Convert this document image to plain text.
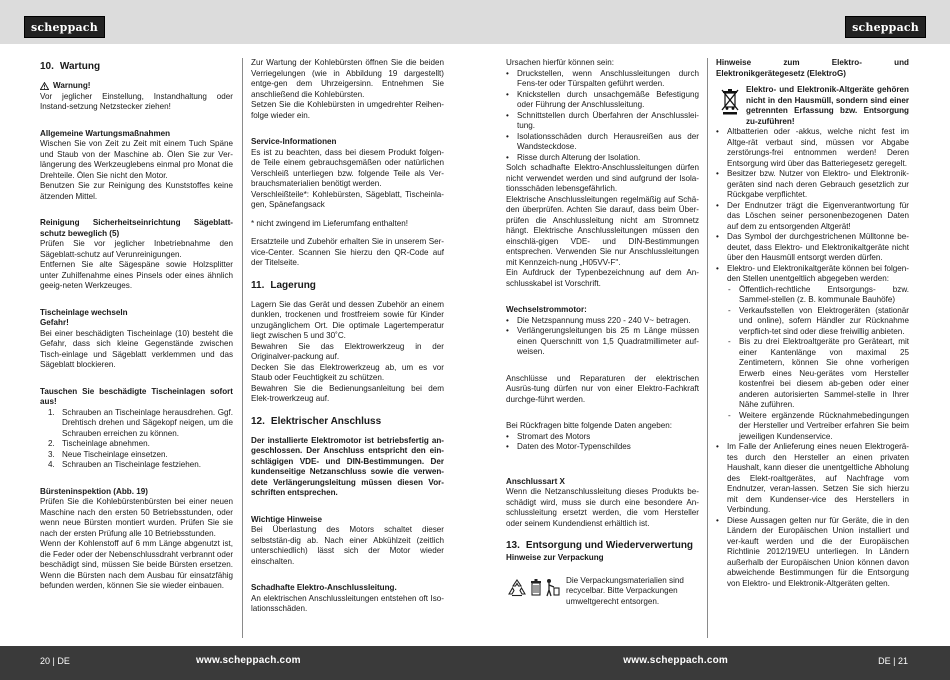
scheppach	scheppach
10. Wartung
Warnung!
Vor jeglicher Einstellung, Instandhaltung oder Instand-setzung Netzstecker ziehen!
Allgemeine Wartungsmaßnahmen
Wischen Sie von Zeit zu Zeit mit einem Tuch Späne und Staub von der Maschine ab. Ölen Sie zur Ver-längerung des Werkzeuglebens einmal pro Monat die Drehteile. Ölen Sie nicht den Motor.
Benutzen Sie zur Reinigung des Kunststoffes keine ätzenden Mittel.
Reinigung Sicherheitseinrichtung Sägeblatt-schutz beweglich (5)
Prüfen Sie vor jeglicher Inbetriebnahme den Sägeblatt-schutz auf Verunreinigungen.
Entfernen Sie alte Sägespäne sowie Holzsplitter unter Zuhilfenahme eines Pinsels oder eines ähnlich geeig-neten Werkzeuges.
Tischeinlage wechseln
Gefahr!
Bei einer beschädigten Tischeinlage (10) besteht die Gefahr, dass sich kleine Gegenstände zwischen Tisch-einlage und Sägeblatt verklemmen und das Sägeblatt blockieren.
Tauschen Sie beschädigte Tischeinlagen sofort aus!
1. Schrauben an Tischeinlage herausdrehen. Ggf. Drehtisch drehen und Sägekopf neigen, um die Schrauben erreichen zu können.
2. Tischeinlage abnehmen.
3. Neue Tischeinlage einsetzen.
4. Schrauben an Tischeinlage festziehen.
Bürsteninspektion (Abb. 19)
Prüfen Sie die Kohlebürstenbürsten bei einer neuen Maschine nach den ersten 50 Betriebsstunden, oder wenn neue Bürsten montiert wurden. Prüfen Sie sie nach der ersten Prüfung alle 10 Betriebsstunden.
Wenn der Kohlenstoff auf 6 mm Länge abgenutzt ist, die Feder oder der Nebenschlussdraht verbrannt oder beschädigt sind, müssen Sie beide Bürsten ersetzen. Wenn die Bürsten nach dem Ausbau für einsatzfähig befunden werden, können Sie sie wieder einbauen.
Zur Wartung der Kohlebürsten öffnen Sie die beiden Verriegelungen (wie in Abbildung 19 dargestellt) entge-gen dem Uhrzeigersinn. Entnehmen Sie anschließend die Kohlebürsten.
Setzen Sie die Kohlebürsten in umgedrehter Reihen-folge wieder ein.
Service-Informationen
Es ist zu beachten, dass bei diesem Produkt folgen-de Teile einem gebrauchsgemäßen oder natürlichen Verschleiß unterliegen bzw. folgende Teile als Ver-brauchsmaterialien benötigt werden.
Verschleißteile*: Kohlebürsten, Sägeblatt, Tischeinla-gen, Spänefangsack
* nicht zwingend im Lieferumfang enthalten!
Ersatzteile und Zubehör erhalten Sie in unserem Ser-vice-Center. Scannen Sie hierzu den QR-Code auf der Titelseite.
11. Lagerung
Lagern Sie das Gerät und dessen Zubehör an einem dunklen, trockenen und frostfreiem sowie für Kinder unzugänglichem Ort. Die optimale Lagertemperatur liegt zwischen 5 und 30˚C.
Bewahren Sie das Elektrowerkzeug in der Originalver-packung auf.
Decken Sie das Elektrowerkzeug ab, um es vor Staub oder Feuchtigkeit zu schützen.
Bewahren Sie die Bedienungsanleitung bei dem Elek-trowerkzeug auf.
12. Elektrischer Anschluss
Der installierte Elektromotor ist betriebsfertig an-geschlossen. Der Anschluss entspricht den ein-schlägigen VDE- und DIN-Bestimmungen. Der kundenseitige Netzanschluss sowie die verwen-dete Verlängerungsleitung müssen diesen Vor-schriften entsprechen.
Wichtige Hinweise
Bei Überlastung des Motors schaltet dieser selbststän-dig ab. Nach einer Abkühlzeit (zeitlich unterschiedlich) lässt sich der Motor wieder einschalten.
Schadhafte Elektro-Anschlussleitung.
An elektrischen Anschlussleitungen entstehen oft Iso-lationsschäden.
Ursachen hierfür können sein:
• Druckstellen, wenn Anschlussleitungen durch Fens-ter oder Türspalten geführt werden.
• Knickstellen durch unsachgemäße Befestigung oder Führung der Anschlussleitung.
• Schnittstellen durch Überfahren der Anschlusslei-tung.
• Isolationsschäden durch Herausreißen aus der Wandsteckdose.
• Risse durch Alterung der Isolation.
Solch schadhafte Elektro-Anschlussleitungen dürfen nicht verwendet werden und sind aufgrund der Isola-tionsschäden lebensgefährlich.
Elektrische Anschlussleitungen regelmäßig auf Schä-den überprüfen. Achten Sie darauf, dass beim Über-prüfen die Anschlussleitung nicht am Stromnetz hängt. Elektrische Anschlussleitungen müssen den einschlä-gigen VDE- und DIN-Bestimmungen entsprechen. Verwenden Sie nur Anschlussleitungen mit Kennzeich-nung „H05VV-F".
Ein Aufdruck der Typenbezeichnung auf dem An-schlusskabel ist Vorschrift.
Wechselstrommotor:
• Die Netzspannung muss 220 - 240 V~ betragen.
• Verlängerungsleitungen bis 25 m Länge müssen einen Querschnitt von 1,5 Quadratmillimeter auf-weisen.
Anschlüsse und Reparaturen der elektrischen Ausrüs-tung dürfen nur von einer Elektro-Fachkraft durchge-führt werden.
Bei Rückfragen bitte folgende Daten angeben:
• Stromart des Motors
• Daten des Motor-Typenschildes
Anschlussart X
Wenn die Netzanschlussleitung dieses Produkts be-schädigt wird, muss sie durch eine besondere An-schlussleitung ersetzt werden, die vom Hersteller oder seinem Kundendienst erhältlich ist.
13. Entsorgung und Wiederverwertung
Hinweise zur Verpackung
Die Verpackungsmaterialien sind recycelbar. Bitte Verpackungen umweltgerecht entsorgen.
Hinweise zum Elektro- und Elektronikgerätegesetz (ElektroG)
Elektro- und Elektronik-Altgeräte gehören nicht in den Hausmüll, sondern sind einer getrennten Erfassung bzw. Entsorgung zu-zuführen!
• Altbatterien oder -akkus, welche nicht fest im Altge-rät verbaut sind, müssen vor Abgabe zerstörungs-frei entnommen werden! Deren Entsorgung wird über das Batteriegesetz geregelt.
• Besitzer bzw. Nutzer von Elektro- und Elektronik-geräten sind nach deren Gebrauch gesetzlich zur Rückgabe verpflichtet.
• Der Endnutzer trägt die Eigenverantwortung für das Löschen seiner personenbezogenen Daten auf dem zu entsorgenden Altgerät!
• Das Symbol der durchgestrichenen Mülltonne be-deutet, dass Elektro- und Elektronikaltgeräte nicht über den Hausmüll entsorgt werden dürfen.
• Elektro- und Elektronikaltgeräte können bei folgen-den Stellen unentgeltlich abgegeben werden:
- Öffentlich-rechtliche Entsorgungs- bzw. Sammel-stellen (z. B. kommunale Bauhöfe)
- Verkaufsstellen von Elektrogeräten (stationär und online), sofern Händler zur Rücknahme verpflich-tet sind oder diese freiwillig anbieten.
- Bis zu drei Elektroaltgeräte pro Geräteart, mit einer Kantenlänge von maximal 25 Zentimetern, können Sie ohne vorherigen Erwerb eines Neu-gerätes vom Hersteller kostenfrei bei diesem ab-geben oder einer anderen autorisierten Sammel-stelle in Ihrer Nähe zuführen.
- Weitere ergänzende Rücknahmebedingungen der Hersteller und Vertreiber erfahren Sie beim jeweiligen Kundenservice.
• Im Falle der Anlieferung eines neuen Elektrogerä-tes durch den Hersteller an einen privaten Haushalt, kann dieser die unentgeltliche Abholung des Elekt-roaltgerätes, auf Nachfrage vom Endnutzer, veran-lassen. Setzen Sie sich hierzu mit dem Kundenser-vice des Herstellers in Verbindung.
• Diese Aussagen gelten nur für Geräte, die in den Ländern der Europäischen Union installiert und ver-kauft werden und die der Europäischen Richtlinie 2012/19/EU unterliegen. In Ländern außerhalb der Europäischen Union können davon abweichende Bestimmungen für die Entsorgung von Elektro- und Elektronik-Altgeräten gelten.
20 | DE	www.scheppach.com	www.scheppach.com	DE | 21
